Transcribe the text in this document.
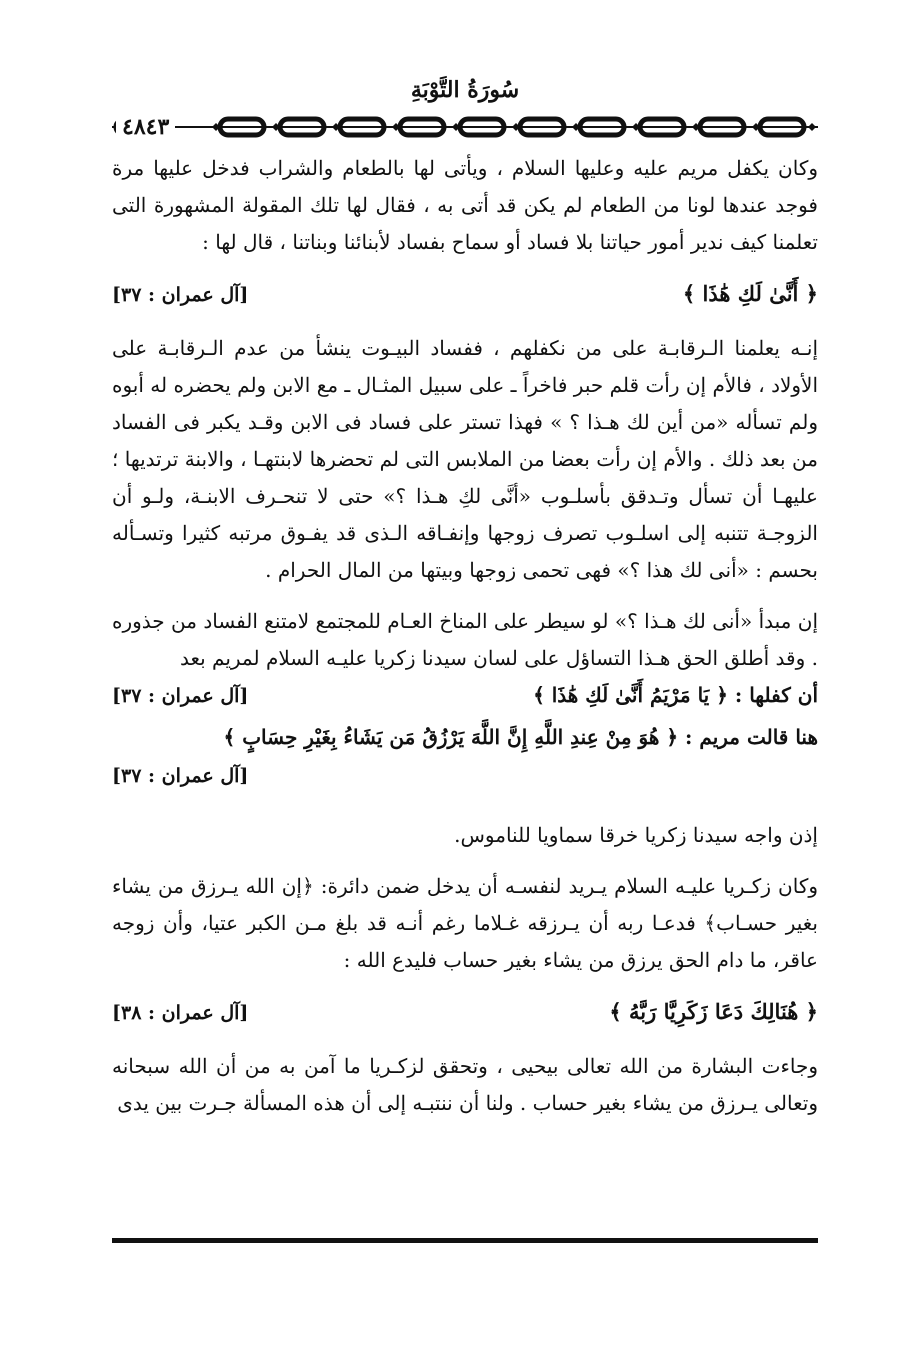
سُورَةُ التَّوْبَةِ
٤٨٤٣

وكان يكفل مريم عليه وعليها السلام ، ويأتى لها بالطعام والشراب فدخل عليها مرة فوجد عندها لونا من الطعام لم يكن قد أتى به ، فقال لها تلك المقولة المشهورة التى تعلمنا كيف ندير أمور حياتنا بلا فساد أو سماح بفساد لأبنائنا وبناتنا ، قال لها :

﴿ أَنَّىٰ لَكِ هَٰذَا ﴾
[آل عمران : ٣٧]

إنـه يعلمنا الـرقابـة على من نكفلهم ، ففساد البيـوت ينشأ من عدم الـرقابـة على الأولاد ، فالأم إن رأت قلم حبر فاخراً ـ على سبيل المثـال ـ مع الابن ولم يحضره له أبوه ولم تسأله «من أين لك هـذا ؟ » فهذا تستر على فساد فى الابن وقـد يكبر فى الفساد من بعد ذلك . والأم إن رأت بعضا من الملابس التى لم تحضرها لابنتهـا ، والابنة ترتديها ؛ عليهـا أن تسأل وتـدقق بأسلـوب «أنَّى لكِ هـذا ؟» حتى لا تنحـرف الابنـة، ولـو أن الزوجـة تتنبه إلى اسلـوب تصرف زوجها وإنفـاقه الـذى قد يفـوق مرتبه كثيرا وتسـأله بحسم : «أنى لك هذا ؟» فهى تحمى زوجها وبيتها من المال الحرام .

إن مبدأ «أنى لك هـذا ؟» لو سيطر على المناخ العـام للمجتمع لامتنع الفساد من جذوره . وقد أطلق الحق هـذا التساؤل على لسان سيدنا زكريا عليـه السلام لمريم بعد

أن كفلها : ﴿ يَا مَرْيَمُ أَنَّىٰ لَكِ هَٰذَا ﴾
[آل عمران : ٣٧]

هنا قالت مريم : ﴿ هُوَ مِنْ عِندِ اللَّهِ إِنَّ اللَّهَ يَرْزُقُ مَن يَشَاءُ بِغَيْرِ حِسَابٍ ﴾

[آل عمران : ٣٧]

إذن واجه سيدنا زكريا خرقا سماويا للناموس.

وكان زكـريا عليـه السلام يـريد لنفسـه أن يدخل ضمن دائرة: ﴿إن الله يـرزق من يشاء بغير حسـاب﴾ فدعـا ربه أن يـرزقه غـلاما رغم أنـه قد بلغ مـن الكبر عتيا، وأن زوجه عاقر، ما دام الحق يرزق من يشاء بغير حساب فليدع الله :

﴿ هُنَالِكَ دَعَا زَكَرِيَّا رَبَّهُ ﴾
[آل عمران : ٣٨]

وجاءت البشارة من الله تعالى بيحيى ، وتحقق لزكـريا ما آمن به من أن الله سبحانه وتعالى يـرزق من يشاء بغير حساب . ولنا أن ننتبـه إلى أن هذه المسألة جـرت بين يدى
